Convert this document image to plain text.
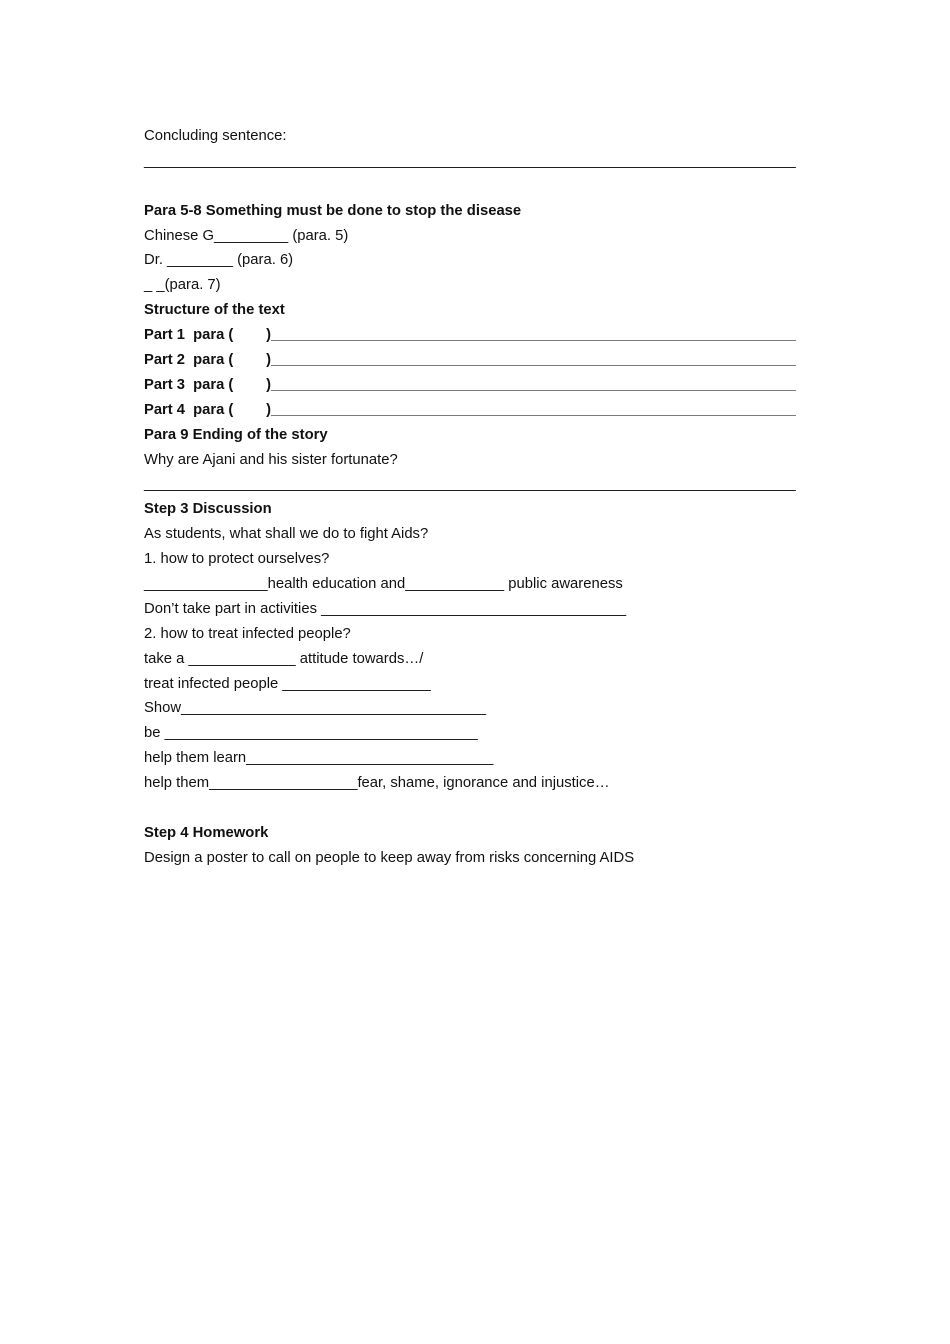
Concluding sentence:
_______________________________________________________________________________________
Para 5-8 Something must be done to stop the disease
Chinese G_________ (para. 5)
Dr. ________ (para. 6)
_ _(para. 7)
Structure of the text
Part 1  para (        )________________________________________________________________
Part 2  para (        )________________________________________________________________
Part 3  para (        )________________________________________________________________
Part 4  para (        )________________________________________________________________
Para 9 Ending of the story
Why are Ajani and his sister fortunate?
_______________________________________________________________________________________
Step 3 Discussion
As students, what shall we do to fight Aids?
1. how to protect ourselves?
_______________health education and____________ public awareness
Don’t take part in activities _____________________________________
2. how to treat infected people?
take a _____________ attitude towards…/
treat infected people __________________
Show_____________________________________
be ______________________________________
help them learn______________________________
help them__________________fear, shame, ignorance and injustice…
Step 4 Homework
Design a poster to call on people to keep away from risks concerning AIDS
